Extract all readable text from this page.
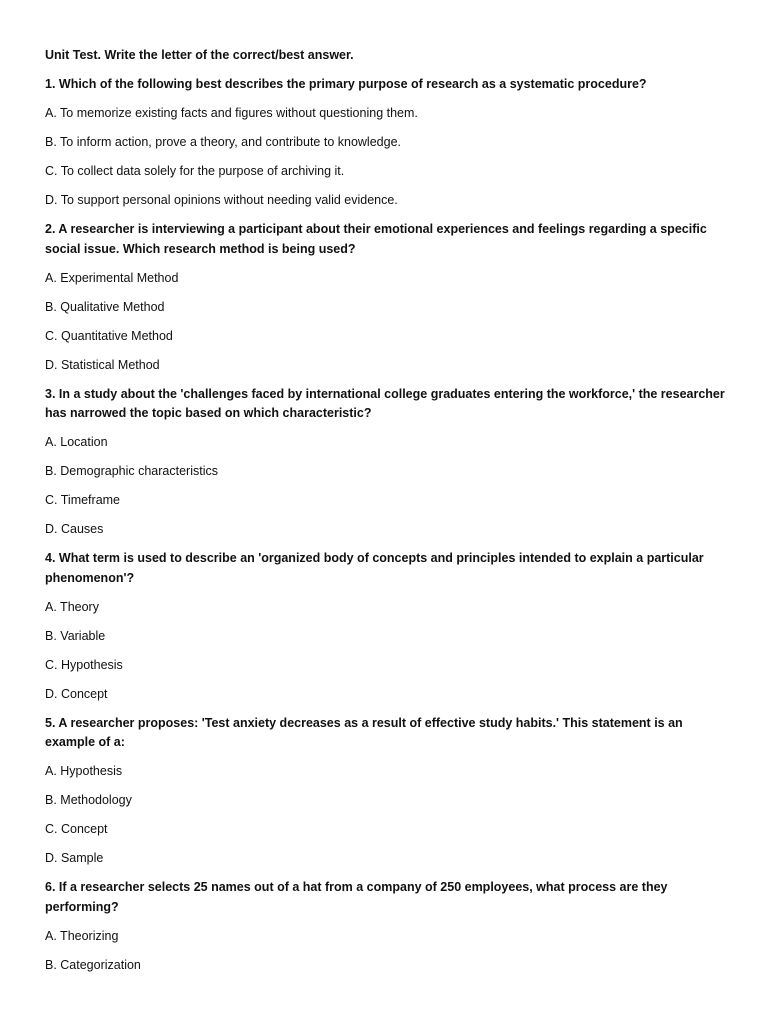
Unit Test. Write the letter of the correct/best answer.
1. Which of the following best describes the primary purpose of research as a systematic procedure?
A. To memorize existing facts and figures without questioning them.
B. To inform action, prove a theory, and contribute to knowledge.
C. To collect data solely for the purpose of archiving it.
D. To support personal opinions without needing valid evidence.
2. A researcher is interviewing a participant about their emotional experiences and feelings regarding a specific social issue. Which research method is being used?
A. Experimental Method
B. Qualitative Method
C. Quantitative Method
D. Statistical Method
3. In a study about the 'challenges faced by international college graduates entering the workforce,' the researcher has narrowed the topic based on which characteristic?
A. Location
B. Demographic characteristics
C. Timeframe
D. Causes
4. What term is used to describe an 'organized body of concepts and principles intended to explain a particular phenomenon'?
A. Theory
B. Variable
C. Hypothesis
D. Concept
5. A researcher proposes: 'Test anxiety decreases as a result of effective study habits.' This statement is an example of a:
A. Hypothesis
B. Methodology
C. Concept
D. Sample
6. If a researcher selects 25 names out of a hat from a company of 250 employees, what process are they performing?
A. Theorizing
B. Categorization
